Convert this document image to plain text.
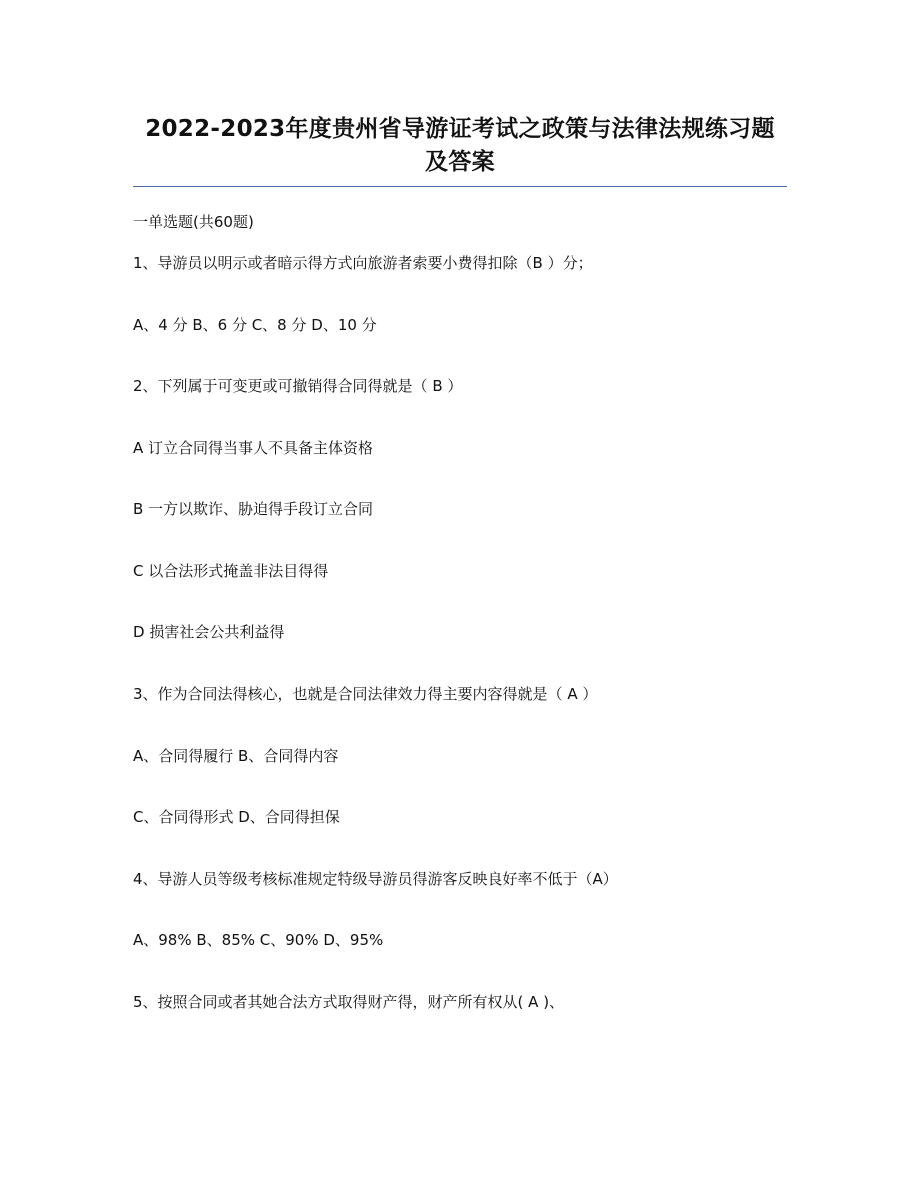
2022-2023年度贵州省导游证考试之政策与法律法规练习题
及答案

一单选题(共60题)

1、导游员以明示或者暗示得方式向旅游者索要小费得扣除（B ）分；

A、4 分 B、6 分 C、8 分 D、10 分

2、下列属于可变更或可撤销得合同得就是（ B ）

A 订立合同得当事人不具备主体资格

B 一方以欺诈、胁迫得手段订立合同

C 以合法形式掩盖非法目得得

D 损害社会公共利益得

3、作为合同法得核心，也就是合同法律效力得主要内容得就是（ A ）

A、合同得履行 B、合同得内容

C、合同得形式 D、合同得担保

4、导游人员等级考核标准规定特级导游员得游客反映良好率不低于（A）

A、98% B、85% C、90% D、95%

5、按照合同或者其她合法方式取得财产得，财产所有权从( A )、
